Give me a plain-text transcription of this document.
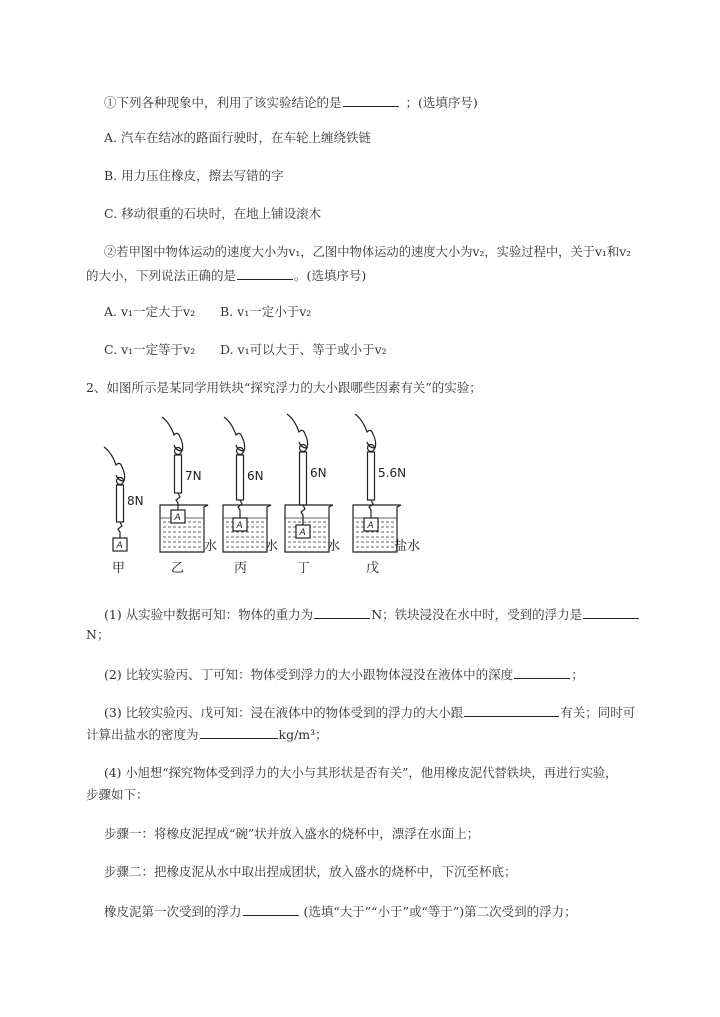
①下列各种现象中，利用了该实验结论的是	；(选填序号)
A. 汽车在结冰的路面行驶时，在车轮上缠绕铁链
B. 用力压住橡皮，擦去写错的字
C. 移动很重的石块时，在地上铺设滚木
②若甲图中物体运动的速度大小为v₁，乙图中物体运动的速度大小为v₂，实验过程中，关于v₁和v₂
的大小，下列说法正确的是	。(选填序号)
A. v₁一定大于v₂ B. v₁一定小于v₂
C. v₁一定等于v₂ D. v₁可以大于、等于或小于v₂
2、如图所示是某同学用铁块“探究浮力的大小跟哪些因素有关”的实验；
8N
A
甲
7N
水
A
乙
6N
水
A
丙
6N
水
A
丁
5.6N
盐水
A
戊
(1) 从实验中数据可知：物体的重力为	N；铁块浸没在水中时，受到的浮力是
N；
(2) 比较实验丙、丁可知：物体受到浮力的大小跟物体浸没在液体中的深度	；
(3) 比较实验丙、戊可知：浸在液体中的物体受到的浮力的大小跟	有关；同时可
计算出盐水的密度为	kg/m³；
(4) 小旭想“探究物体受到浮力的大小与其形状是否有关”，他用橡皮泥代替铁块，再进行实验，
步骤如下：
步骤一：将橡皮泥捏成“碗”状并放入盛水的烧杯中，漂浮在水面上；
步骤二：把橡皮泥从水中取出捏成团状，放入盛水的烧杯中，下沉至杯底；
橡皮泥第一次受到的浮力	(选填“大于”“小于”或“等于”)第二次受到的浮力；
